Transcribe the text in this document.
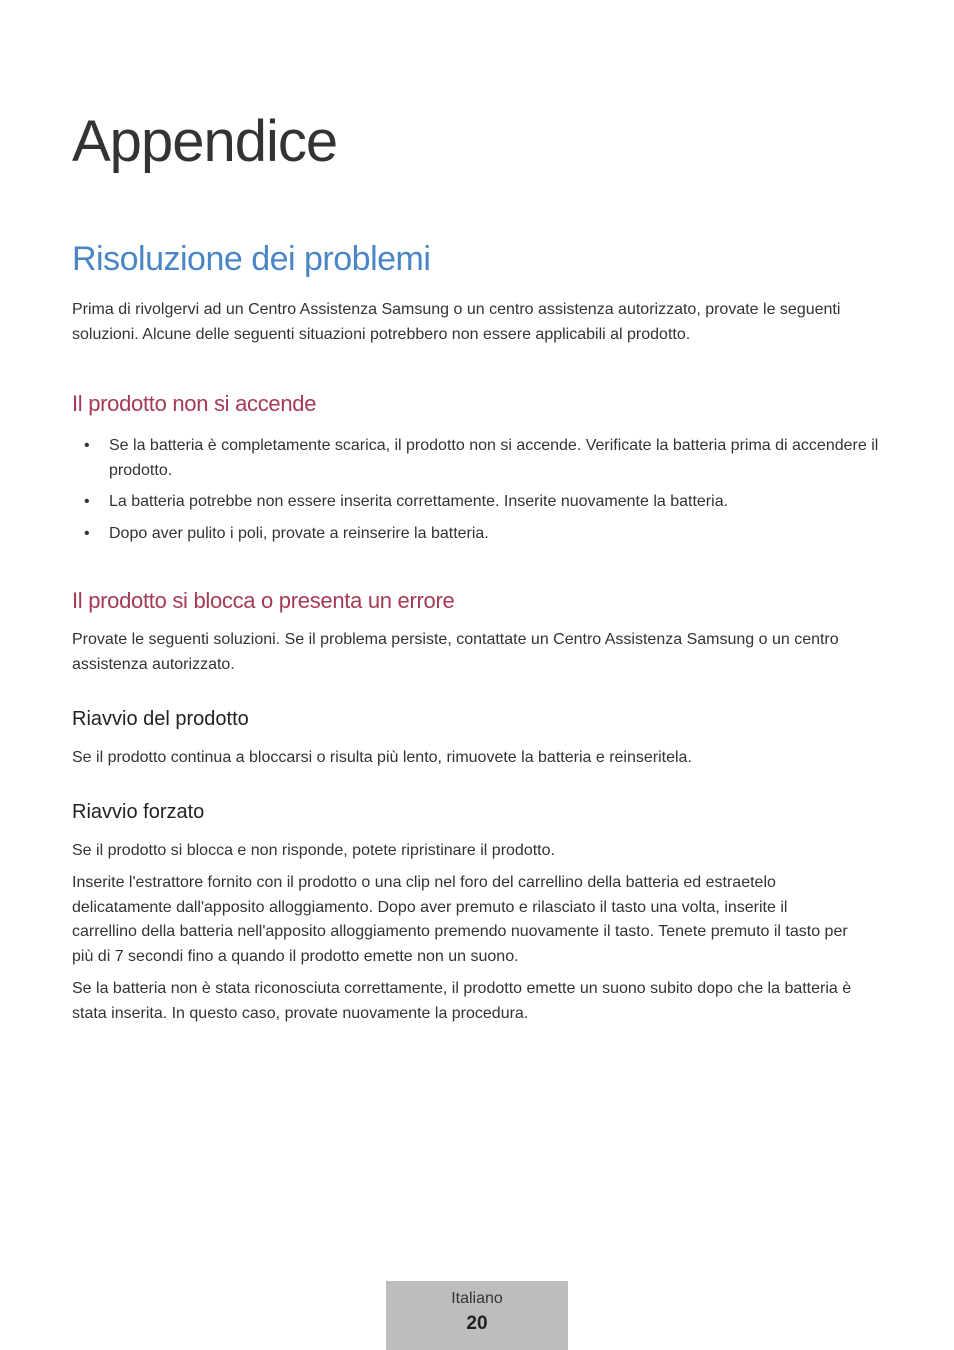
Appendice
Risoluzione dei problemi

Prima di rivolgervi ad un Centro Assistenza Samsung o un centro assistenza autorizzato, provate le seguenti soluzioni. Alcune delle seguenti situazioni potrebbero non essere applicabili al prodotto.

Il prodotto non si accende
• Se la batteria è completamente scarica, il prodotto non si accende. Verificate la batteria prima di accendere il prodotto.
• La batteria potrebbe non essere inserita correttamente. Inserite nuovamente la batteria.
• Dopo aver pulito i poli, provate a reinserire la batteria.
Il prodotto si blocca o presenta un errore

Provate le seguenti soluzioni. Se il problema persiste, contattate un Centro Assistenza Samsung o un centro assistenza autorizzato.

Riavvio del prodotto

Se il prodotto continua a bloccarsi o risulta più lento, rimuovete la batteria e reinseritela.

Riavvio forzato

Se il prodotto si blocca e non risponde, potete ripristinare il prodotto.

Inserite l'estrattore fornito con il prodotto o una clip nel foro del carrellino della batteria ed estraetelo delicatamente dall'apposito alloggiamento. Dopo aver premuto e rilasciato il tasto una volta, inserite il carrellino della batteria nell'apposito alloggiamento premendo nuovamente il tasto. Tenete premuto il tasto per più di 7 secondi fino a quando il prodotto emette non un suono.

Se la batteria non è stata riconosciuta correttamente, il prodotto emette un suono subito dopo che la batteria è stata inserita. In questo caso, provate nuovamente la procedura.

Italiano
20
